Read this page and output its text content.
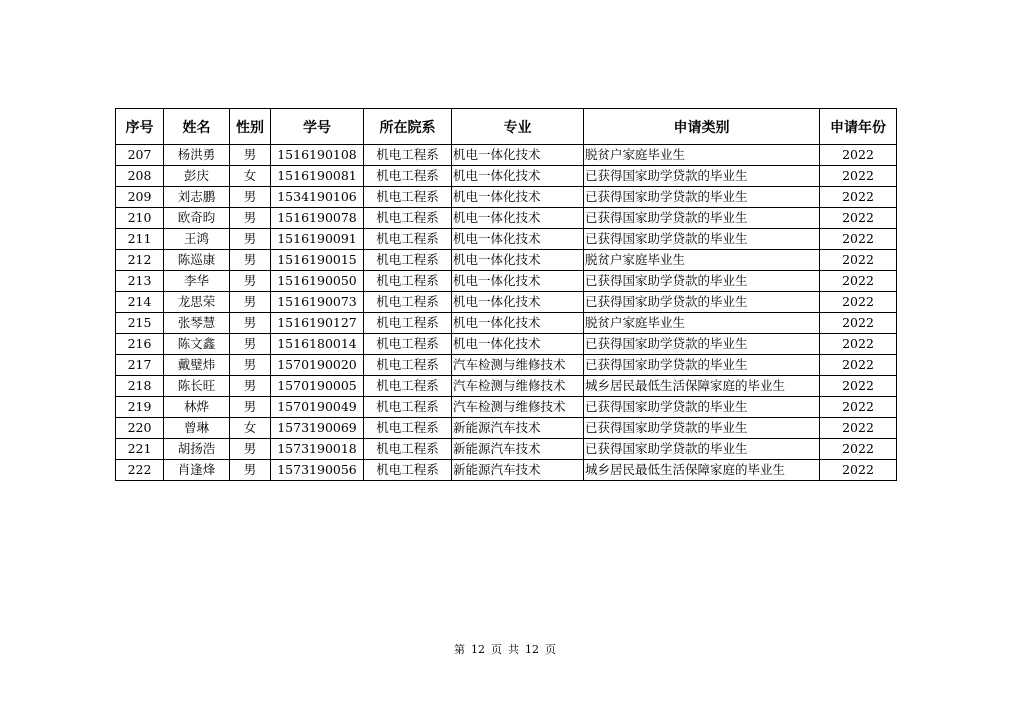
序号	姓名	性别	学号	所在院系	专业	申请类别	申请年份
207	杨洪勇	男	1516190108	机电工程系	机电一体化技术	脱贫户家庭毕业生	2022
208	彭庆	女	1516190081	机电工程系	机电一体化技术	已获得国家助学贷款的毕业生	2022
209	刘志鹏	男	1534190106	机电工程系	机电一体化技术	已获得国家助学贷款的毕业生	2022
210	欧奇昀	男	1516190078	机电工程系	机电一体化技术	已获得国家助学贷款的毕业生	2022
211	王鸿	男	1516190091	机电工程系	机电一体化技术	已获得国家助学贷款的毕业生	2022
212	陈巡康	男	1516190015	机电工程系	机电一体化技术	脱贫户家庭毕业生	2022
213	李华	男	1516190050	机电工程系	机电一体化技术	已获得国家助学贷款的毕业生	2022
214	龙思荣	男	1516190073	机电工程系	机电一体化技术	已获得国家助学贷款的毕业生	2022
215	张琴慧	男	1516190127	机电工程系	机电一体化技术	脱贫户家庭毕业生	2022
216	陈文鑫	男	1516180014	机电工程系	机电一体化技术	已获得国家助学贷款的毕业生	2022
217	戴璧炜	男	1570190020	机电工程系	汽车检测与维修技术	已获得国家助学贷款的毕业生	2022
218	陈长旺	男	1570190005	机电工程系	汽车检测与维修技术	城乡居民最低生活保障家庭的毕业生	2022
219	林烨	男	1570190049	机电工程系	汽车检测与维修技术	已获得国家助学贷款的毕业生	2022
220	曾琳	女	1573190069	机电工程系	新能源汽车技术	已获得国家助学贷款的毕业生	2022
221	胡扬浩	男	1573190018	机电工程系	新能源汽车技术	已获得国家助学贷款的毕业生	2022
222	肖逢烽	男	1573190056	机电工程系	新能源汽车技术	城乡居民最低生活保障家庭的毕业生	2022
第 12 页 共 12 页
